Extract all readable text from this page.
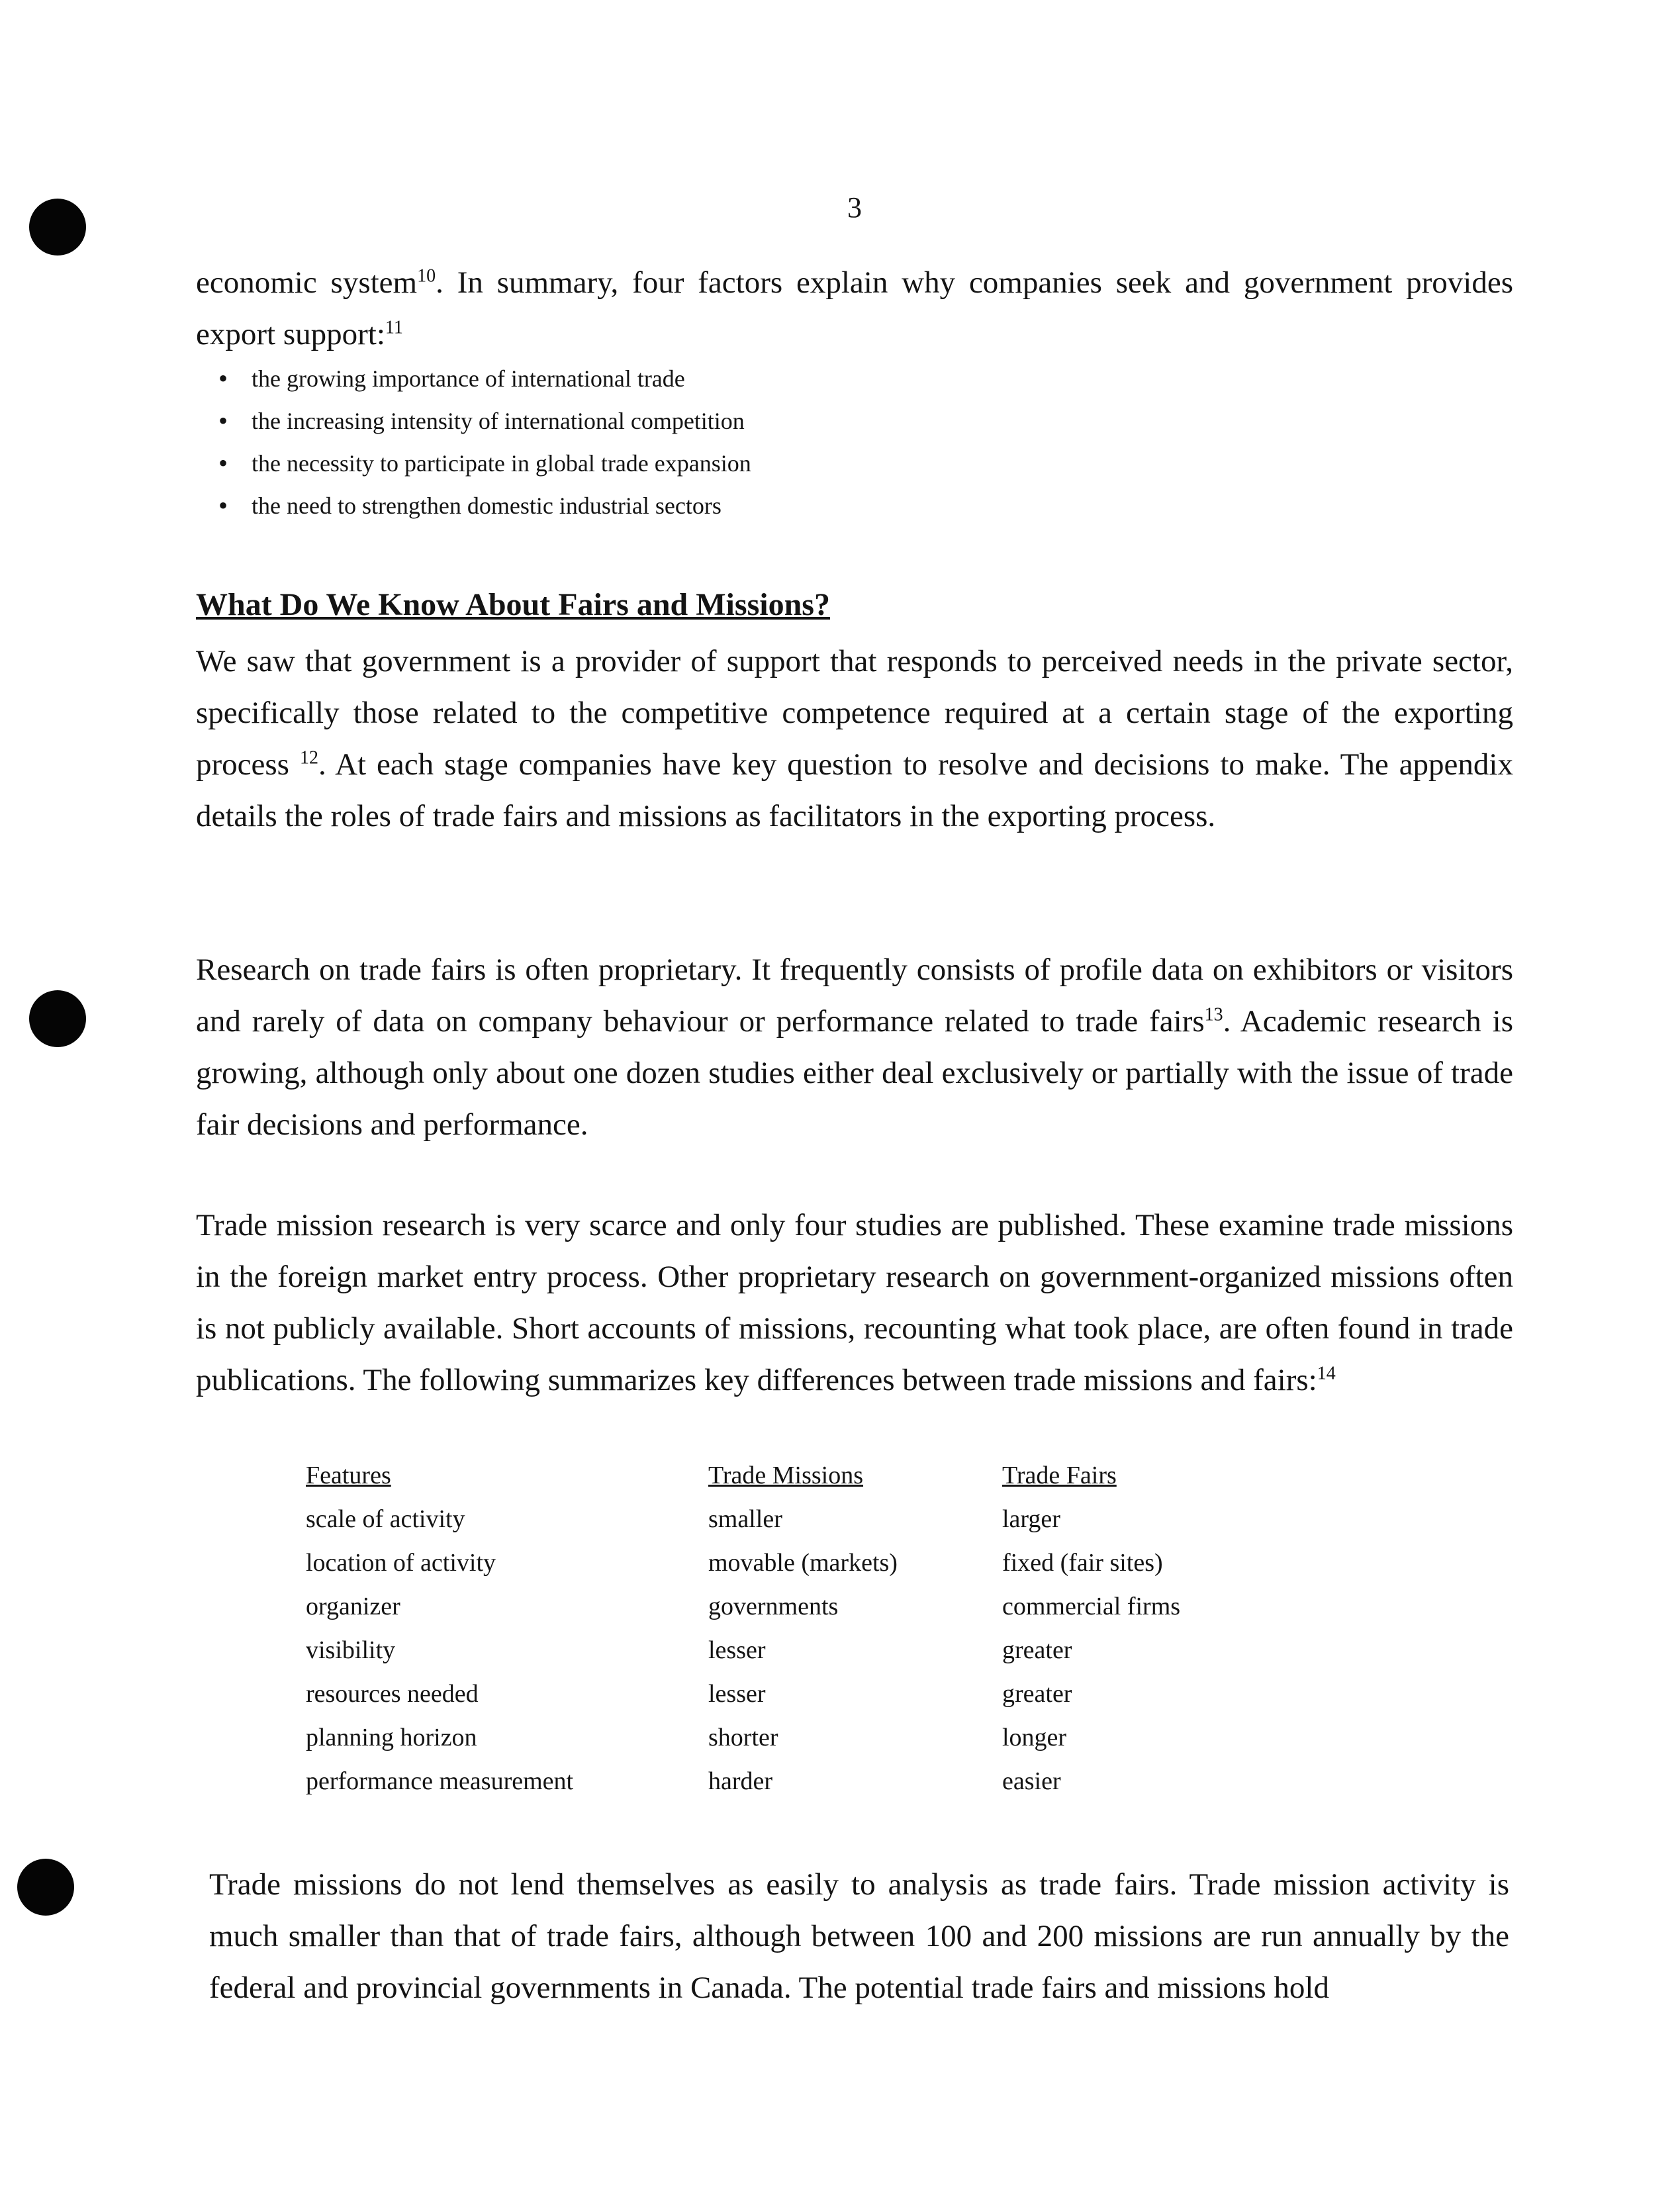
3

economic system$^{10}$. In summary, four factors explain why companies seek and government provides export support:$^{11}$

• the growing importance of international trade
• the increasing intensity of international competition
• the necessity to participate in global trade expansion
• the need to strengthen domestic industrial sectors
What Do We Know About Fairs and Missions?

We saw that government is a provider of support that responds to perceived needs in the private sector, specifically those related to the competitive competence required at a certain stage of the exporting process $^{12}$. At each stage companies have key question to resolve and decisions to make. The appendix details the roles of trade fairs and missions as facilitators in the exporting process.

Research on trade fairs is often proprietary. It frequently consists of profile data on exhibitors or visitors and rarely of data on company behaviour or performance related to trade fairs$^{13}$. Academic research is growing, although only about one dozen studies either deal exclusively or partially with the issue of trade fair decisions and performance.

Trade mission research is very scarce and only four studies are published. These examine trade missions in the foreign market entry process. Other proprietary research on government-organized missions often is not publicly available. Short accounts of missions, recounting what took place, are often found in trade publications. The following summarizes key differences between trade missions and fairs:$^{14}$

Features	Trade Missions	Trade Fairs
scale of activity	smaller	larger
location of activity	movable (markets)	fixed (fair sites)
organizer	governments	commercial firms
visibility	lesser	greater
resources needed	lesser	greater
planning horizon	shorter	longer
performance measurement	harder	easier

Trade missions do not lend themselves as easily to analysis as trade fairs. Trade mission activity is much smaller than that of trade fairs, although between 100 and 200 missions are run annually by the federal and provincial governments in Canada. The potential trade fairs and missions hold
